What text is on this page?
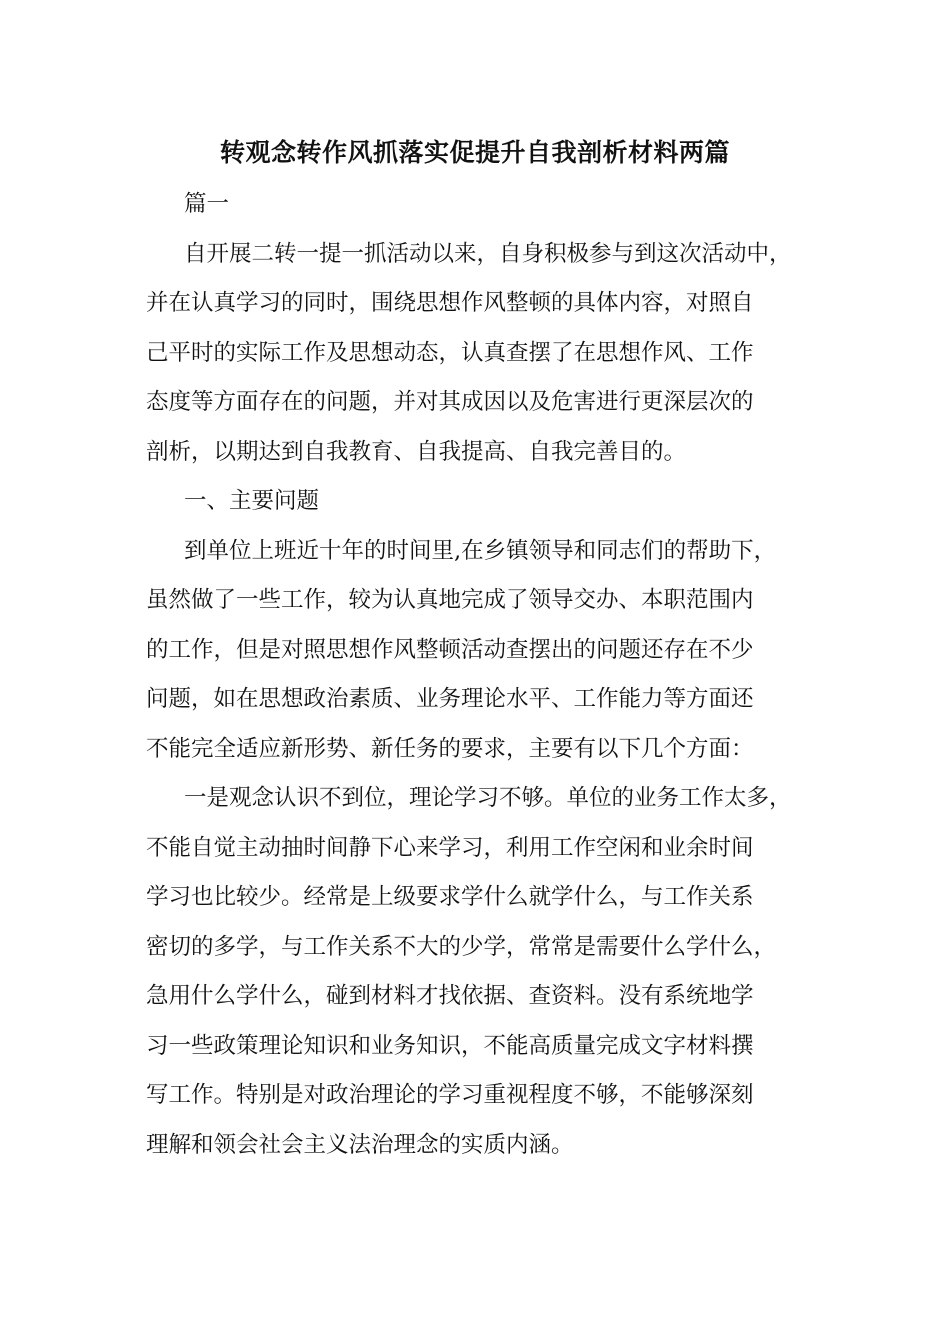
转观念转作风抓落实促提升自我剖析材料两篇

篇一

自开展二转一提一抓活动以来，自身积极参与到这次活动中，
并在认真学习的同时，围绕思想作风整顿的具体内容，对照自
己平时的实际工作及思想动态，认真查摆了在思想作风、工作
态度等方面存在的问题，并对其成因以及危害进行更深层次的
剖析，以期达到自我教育、自我提高、自我完善目的。

一、主要问题

到单位上班近十年的时间里,在乡镇领导和同志们的帮助下，
虽然做了一些工作，较为认真地完成了领导交办、本职范围内
的工作，但是对照思想作风整顿活动查摆出的问题还存在不少
问题，如在思想政治素质、业务理论水平、工作能力等方面还
不能完全适应新形势、新任务的要求，主要有以下几个方面：

一是观念认识不到位，理论学习不够。单位的业务工作太多，
不能自觉主动抽时间静下心来学习，利用工作空闲和业余时间
学习也比较少。经常是上级要求学什么就学什么，与工作关系
密切的多学，与工作关系不大的少学，常常是需要什么学什么，
急用什么学什么，碰到材料才找依据、查资料。没有系统地学
习一些政策理论知识和业务知识，不能高质量完成文字材料撰
写工作。特别是对政治理论的学习重视程度不够，不能够深刻
理解和领会社会主义法治理念的实质内涵。
